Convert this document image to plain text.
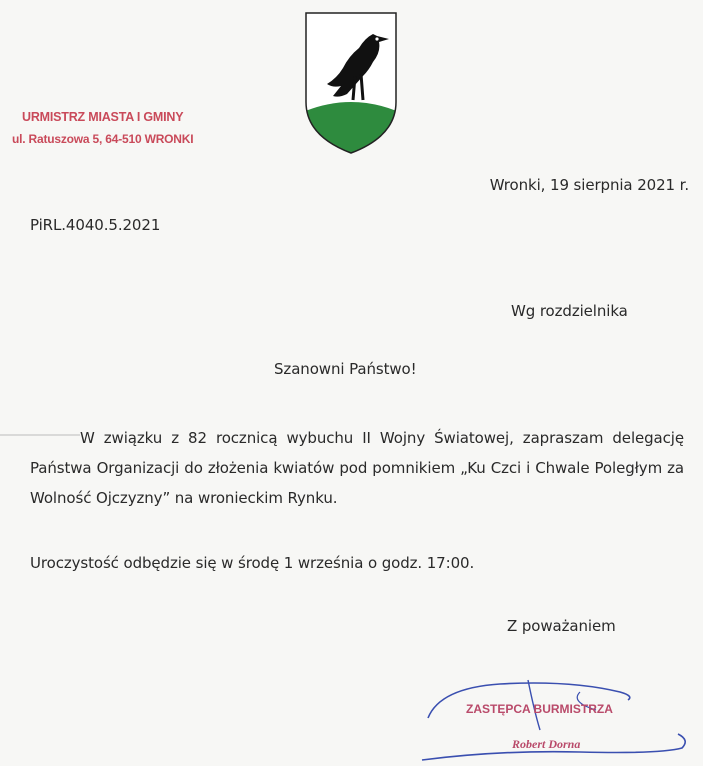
URMISTRZ MIASTA I GMINY
ul. Ratuszowa 5, 64-510 WRONKI
Wronki, 19 sierpnia 2021 r.
PiRL.4040.5.2021
Wg rozdzielnika
Szanowni Państwo!
W związku z 82 rocznicą wybuchu II Wojny Światowej, zapraszam delegację Państwa Organizacji do złożenia kwiatów pod pomnikiem „Ku Czci i Chwale Poległym za Wolność Ojczyzny” na wronieckim Rynku.
Uroczystość odbędzie się w środę 1 września o godz. 17:00.
Z poważaniem
ZASTĘPCA BURMISTRZA
Robert Dorna
